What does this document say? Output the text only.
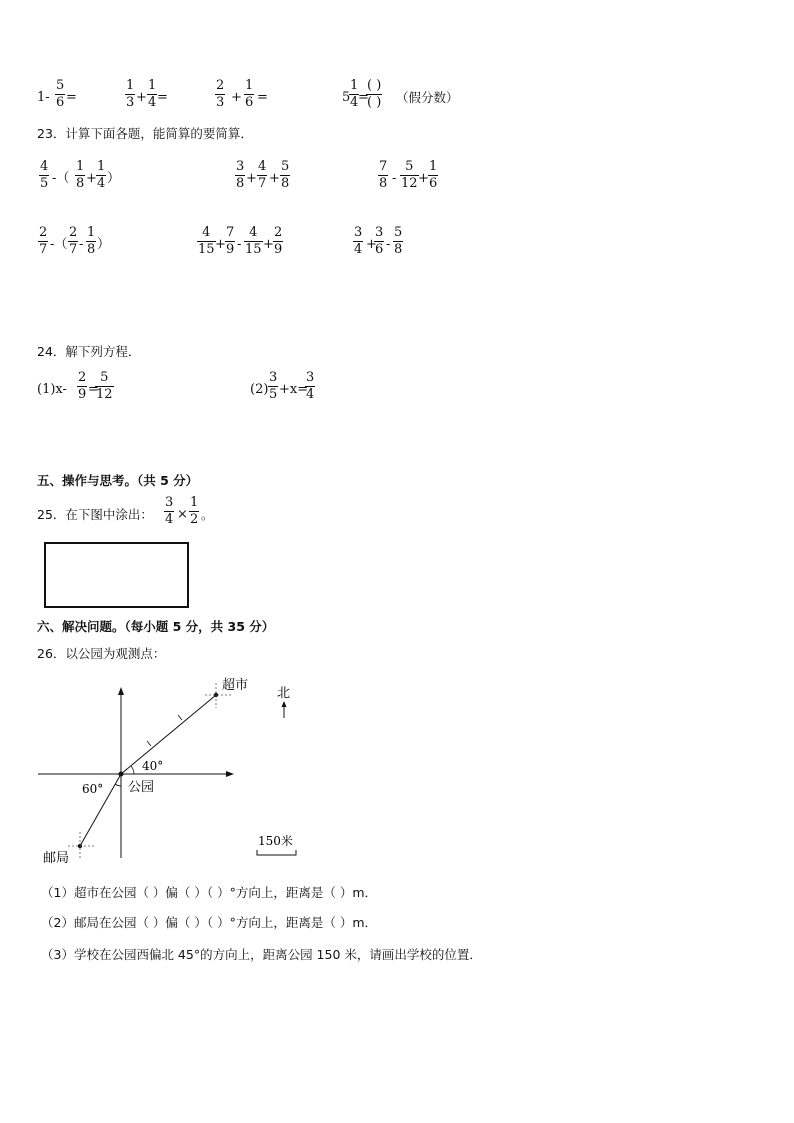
1-
5
6 =
1
3 +
1
4 =
2
3 +
1
6 =	5
1
4 =
( )
( ) （假分数）
23．计算下面各题，能简算的要简算．
4
5 -（
1
8 +
1
4 ）
3
8 +
4
7 +
5
8
7
8 -
5
12 +
1
6
2
7 -（
2
7 -
1
8 ）
4
15 +
7
9 -
4
15 +
2
9
3
4 +
3
6 -
5
8
24．解下列方程．
(1)x-
2
9 =
5
12	(2)
3
5 +x=
3
4
五、操作与思考。（共 5 分）
25．在下图中涂出：
3
4 ×
1
2 。
六、解决问题。（每小题 5 分，共 35 分）
26．以公园为观测点：
超市
邮局
公园
40°
60°
北
150米
（1）超市在公园（ ）偏（ ）（ ）°方向上，距离是（ ）m．
（2）邮局在公园（ ）偏（ ）（ ）°方向上，距离是（ ）m．
（3）学校在公园西偏北 45°的方向上，距离公园 150 米，请画出学校的位置．
